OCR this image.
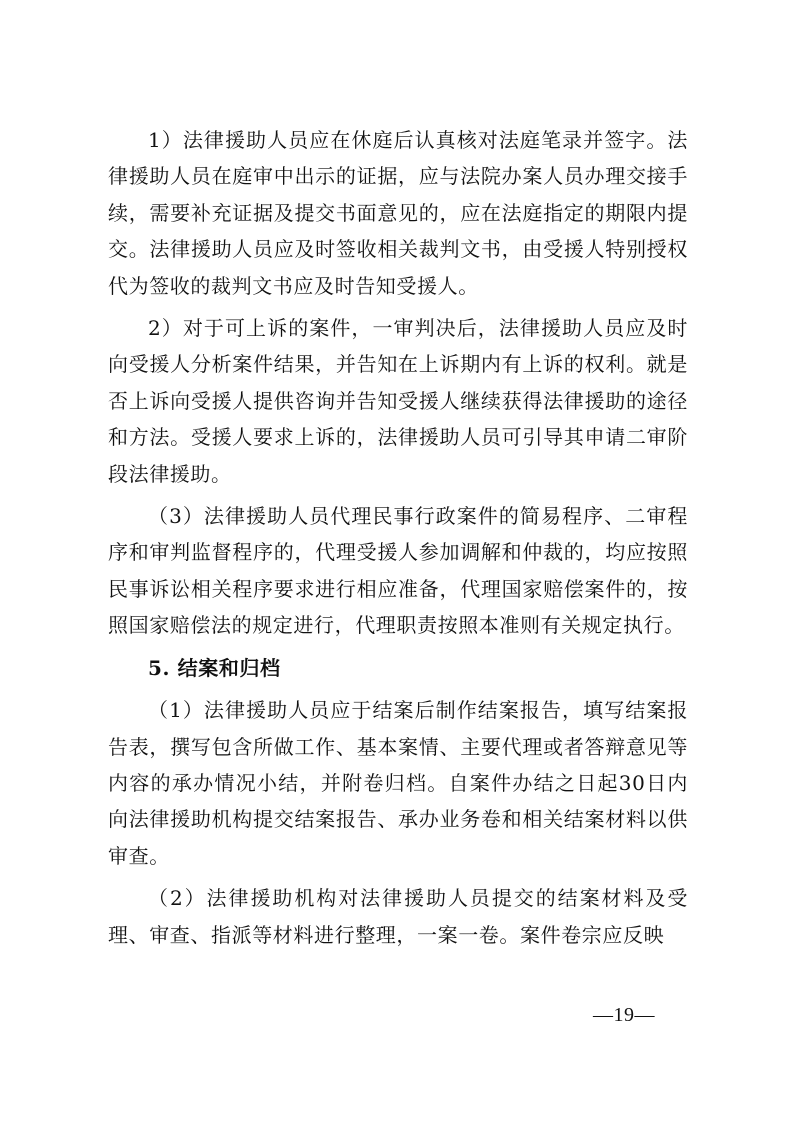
1）法律援助人员应在休庭后认真核对法庭笔录并签字。法律援助人员在庭审中出示的证据，应与法院办案人员办理交接手续，需要补充证据及提交书面意见的，应在法庭指定的期限内提交。法律援助人员应及时签收相关裁判文书，由受援人特别授权代为签收的裁判文书应及时告知受援人。

2）对于可上诉的案件，一审判决后，法律援助人员应及时向受援人分析案件结果，并告知在上诉期内有上诉的权利。就是否上诉向受援人提供咨询并告知受援人继续获得法律援助的途径和方法。受援人要求上诉的，法律援助人员可引导其申请二审阶段法律援助。

（3）法律援助人员代理民事行政案件的简易程序、二审程序和审判监督程序的，代理受援人参加调解和仲裁的，均应按照民事诉讼相关程序要求进行相应准备，代理国家赔偿案件的，按照国家赔偿法的规定进行，代理职责按照本准则有关规定执行。

5. 结案和归档

（1）法律援助人员应于结案后制作结案报告，填写结案报告表，撰写包含所做工作、基本案情、主要代理或者答辩意见等内容的承办情况小结，并附卷归档。自案件办结之日起30日内向法律援助机构提交结案报告、承办业务卷和相关结案材料以供审查。

（2）法律援助机构对法律援助人员提交的结案材料及受理、审查、指派等材料进行整理，一案一卷。案件卷宗应反映

—19—
